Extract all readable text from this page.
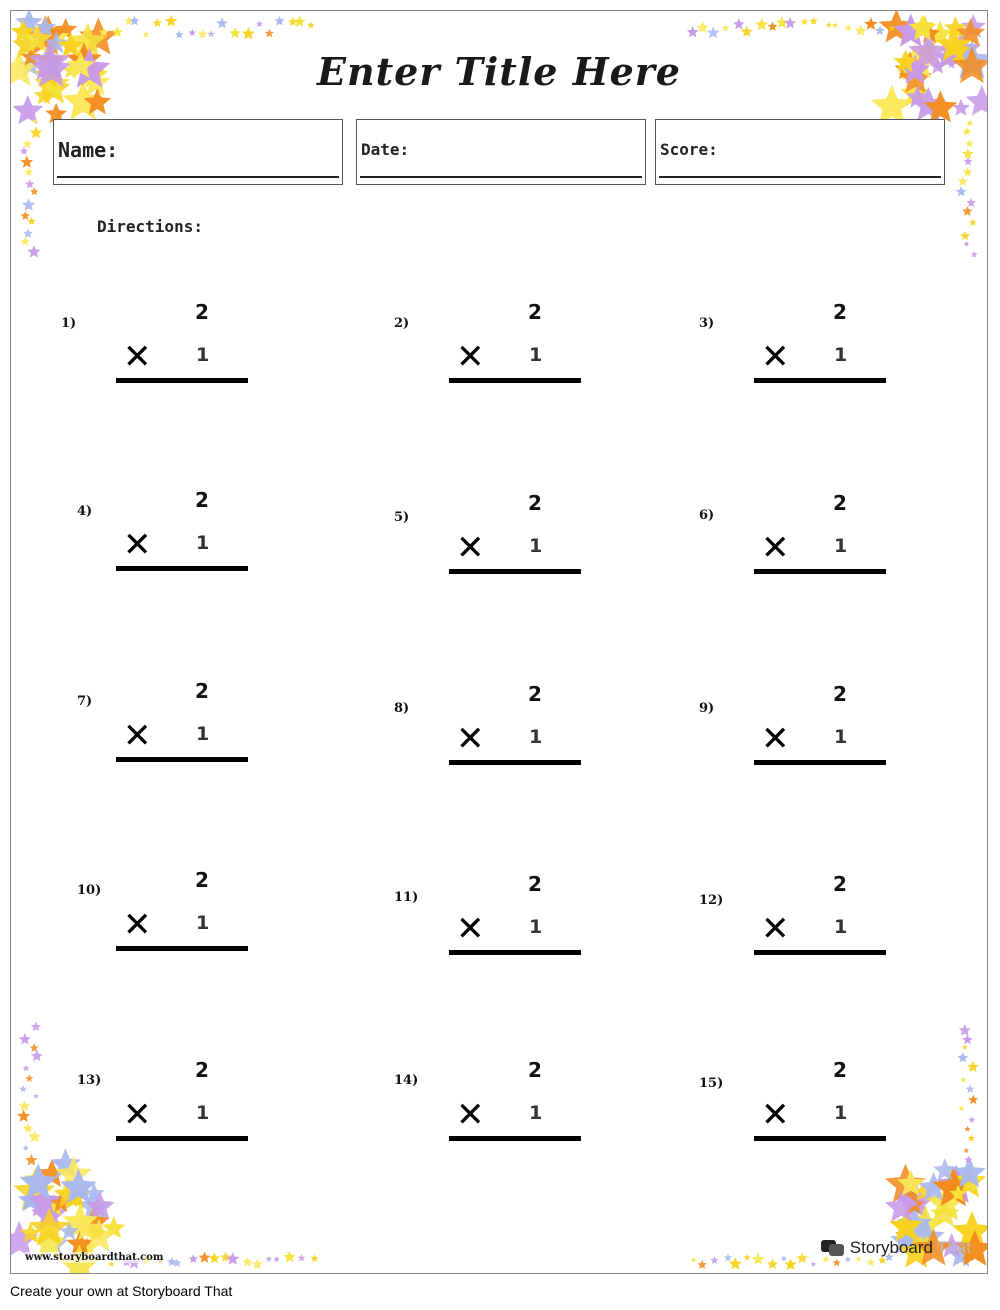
Enter Title Here
Name:	Date:	Score:
Directions:
1)	2
✕ 1
2)	2
✕ 1
3)	2
✕ 1
4)	2
✕ 1
5)
2
✕ 1
6)
2
✕ 1
7)	2
✕ 1
8)
2
✕ 1
9)
2
✕ 1
10)	2
✕ 1
11)
2
✕ 1
12)
2
✕ 1
13)	2
✕ 1
14)	2
✕ 1
15)
2
✕ 1
www.storyboardthat.com
Storyboard That
Create your own at Storyboard That
